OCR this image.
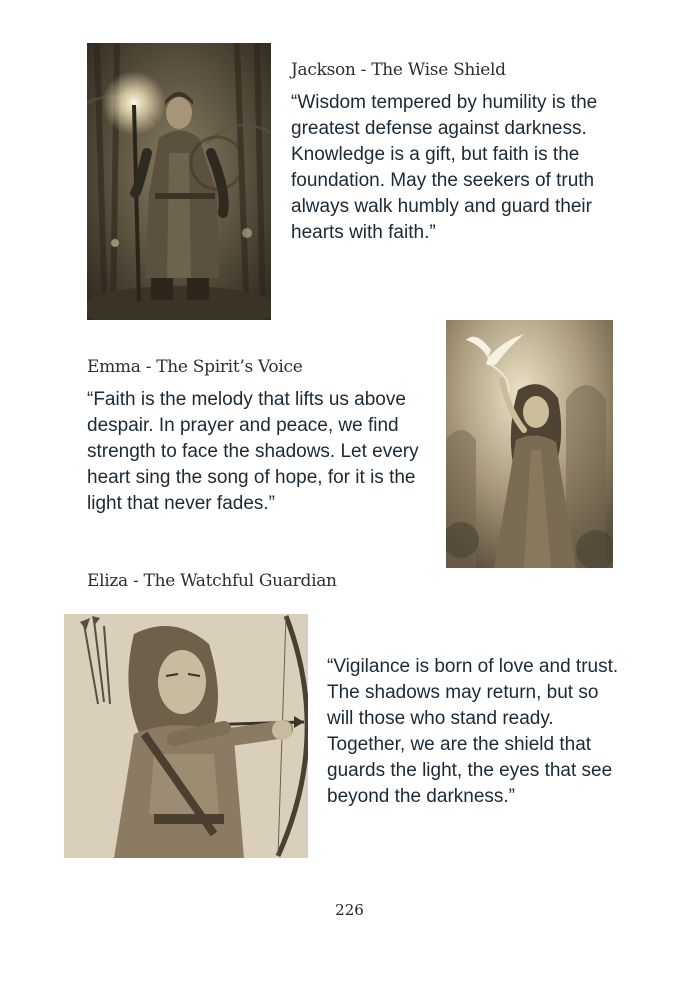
Jackson - The Wise Shield

“Wisdom tempered by humility is the greatest defense against darkness. Knowledge is a gift, but faith is the foundation. May the seekers of truth always walk humbly and guard their hearts with faith.”

Emma - The Spirit’s Voice

“Faith is the melody that lifts us above despair. In prayer and peace, we find strength to face the shadows. Let every heart sing the song of hope, for it is the light that never fades.”

Eliza - The Watchful Guardian

“Vigilance is born of love and trust. The shadows may return, but so will those who stand ready. Together, we are the shield that guards the light, the eyes that see beyond the darkness.”

226
